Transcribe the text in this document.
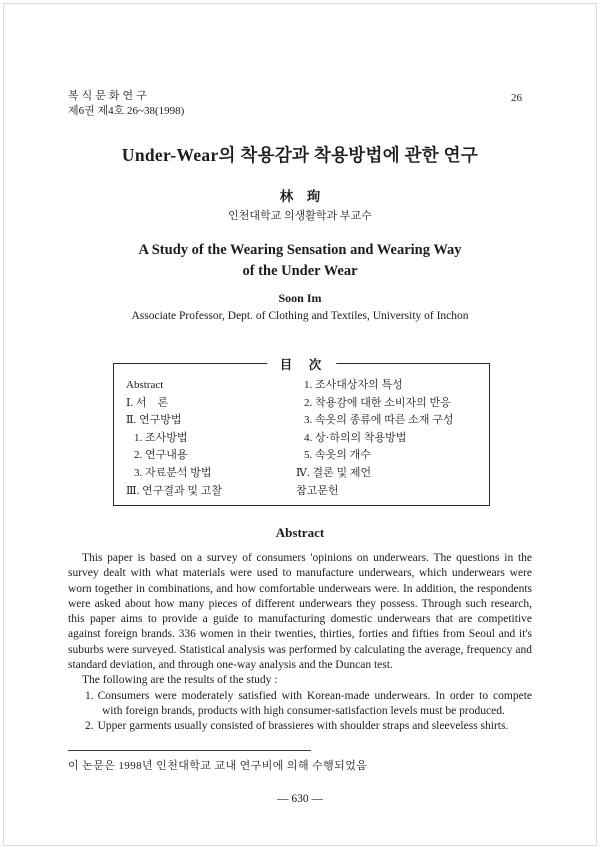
복식문화연구
제6권 제4호 26~38(1998)
26
Under-Wear의 착용감과 착용방법에 관한 연구
林　珣
인천대학교 의생활학과 부교수
A Study of the Wearing Sensation and Wearing Way
of the Under Wear
Soon Im
Associate Professor, Dept. of Clothing and Textiles, University of Inchon
目　次
Abstract
Ⅰ. 서　론
Ⅱ. 연구방법
1. 조사방법
2. 연구내용
3. 자료분석 방법
Ⅲ. 연구결과 및 고찰
1. 조사대상자의 특성
2. 착용감에 대한 소비자의 반응
3. 속옷의 종류에 따른 소재 구성
4. 상·하의의 착용방법
5. 속옷의 개수
Ⅳ. 결론 및 제언
참고문헌
Abstract

This paper is based on a survey of consumers 'opinions on underwears. The questions in the survey dealt with what materials were used to manufacture underwears, which underwears were worn together in combinations, and how comfortable underwears were. In addition, the respondents were asked about how many pieces of different underwears they possess. Through such research, this paper aims to provide a guide to manufacturing domestic underwears that are competitive against foreign brands. 336 women in their twenties, thirties, forties and fifties from Seoul and it's suburbs were surveyed. Statistical analysis was performed by calculating the average, frequency and standard deviation, and through one-way analysis and the Duncan test.

The following are the results of the study :

1. Consumers were moderately satisfied with Korean-made underwears. In order to compete with foreign brands, products with high consumer-satisfaction levels must be produced.
2. Upper garments usually consisted of brassieres with shoulder straps and sleeveless shirts.
이 논문은 1998년 인천대학교 교내 연구비에 의해 수행되었음
— 630 —
